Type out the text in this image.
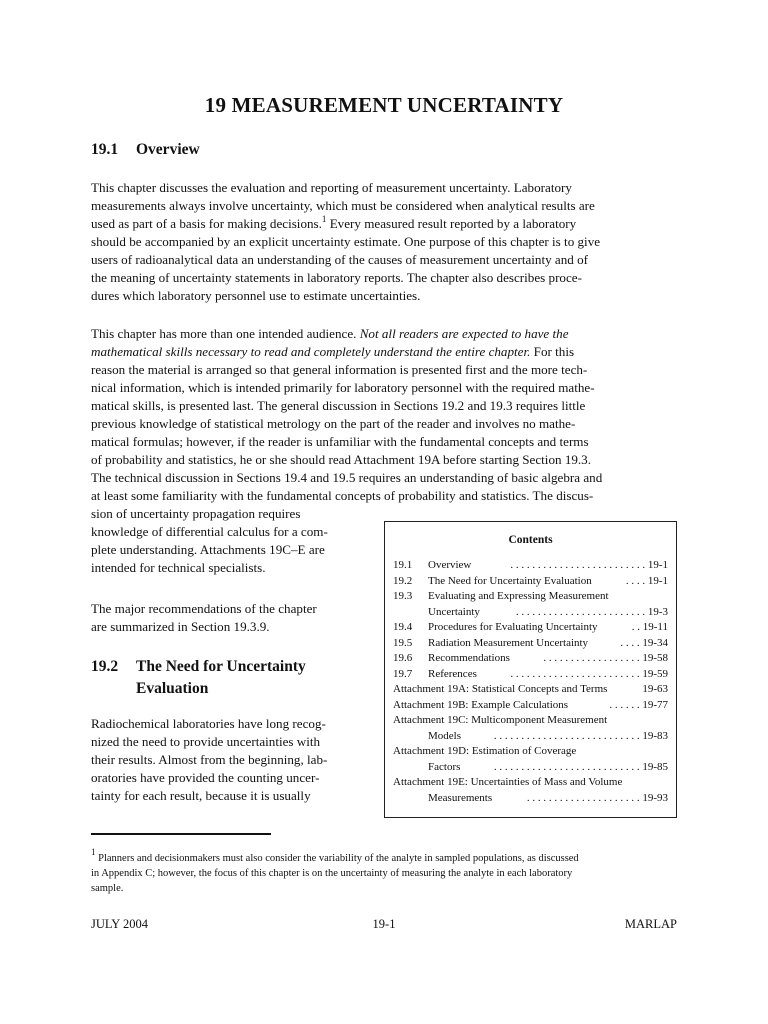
19 MEASUREMENT UNCERTAINTY
19.1 Overview

This chapter discusses the evaluation and reporting of measurement uncertainty. Laboratory
measurements always involve uncertainty, which must be considered when analytical results are
used as part of a basis for making decisions.$^1$ Every measured result reported by a laboratory
should be accompanied by an explicit uncertainty estimate. One purpose of this chapter is to give
users of radioanalytical data an understanding of the causes of measurement uncertainty and of
the meaning of uncertainty statements in laboratory reports. The chapter also describes proce-
dures which laboratory personnel use to estimate uncertainties.

This chapter has more than one intended audience. Not all readers are expected to have the
mathematical skills necessary to read and completely understand the entire chapter. For this
reason the material is arranged so that general information is presented first and the more tech-
nical information, which is intended primarily for laboratory personnel with the required mathe-
matical skills, is presented last. The general discussion in Sections 19.2 and 19.3 requires little
previous knowledge of statistical metrology on the part of the reader and involves no mathe-
matical formulas; however, if the reader is unfamiliar with the fundamental concepts and terms
of probability and statistics, he or she should read Attachment 19A before starting Section 19.3.
The technical discussion in Sections 19.4 and 19.5 requires an understanding of basic algebra and
at least some familiarity with the fundamental concepts of probability and statistics. The discus-
sion of uncertainty propagation requires
knowledge of differential calculus for a com-
plete understanding. Attachments 19C–E are
intended for technical specialists.

The major recommendations of the chapter
are summarized in Section 19.3.9.

19.2 The Need for Uncertainty
Evaluation

Radiochemical laboratories have long recog-
nized the need to provide uncertainties with
their results. Almost from the beginning, lab-
oratories have provided the counting uncer-
tainty for each result, because it is usually

Contents
19.1 Overview	. . . . . . . . . . . . . . . . . . . . . . . . . 19-1
19.2 The Need for Uncertainty Evaluation	. . . . 19-1
19.3 Evaluating and Expressing Measurement
Uncertainty	. . . . . . . . . . . . . . . . . . . . . . . . 19-3
19.4 Procedures for Evaluating Uncertainty	. . 19-11
19.5 Radiation Measurement Uncertainty	. . . . 19-34
19.6 Recommendations	. . . . . . . . . . . . . . . . . . 19-58
19.7 References	. . . . . . . . . . . . . . . . . . . . . . . . 19-59
Attachment 19A: Statistical Concepts and Terms	19-63
Attachment 19B: Example Calculations	. . . . . . 19-77
Attachment 19C: Multicomponent Measurement
Models	. . . . . . . . . . . . . . . . . . . . . . . . . . . 19-83
Attachment 19D: Estimation of Coverage
Factors	. . . . . . . . . . . . . . . . . . . . . . . . . . . 19-85
Attachment 19E: Uncertainties of Mass and Volume
Measurements	. . . . . . . . . . . . . . . . . . . . . 19-93

$^1$ Planners and decisionmakers must also consider the variability of the analyte in sampled populations, as discussed
in Appendix C; however, the focus of this chapter is on the uncertainty of measuring the analyte in each laboratory
sample.

JULY 2004	19-1	MARLAP
